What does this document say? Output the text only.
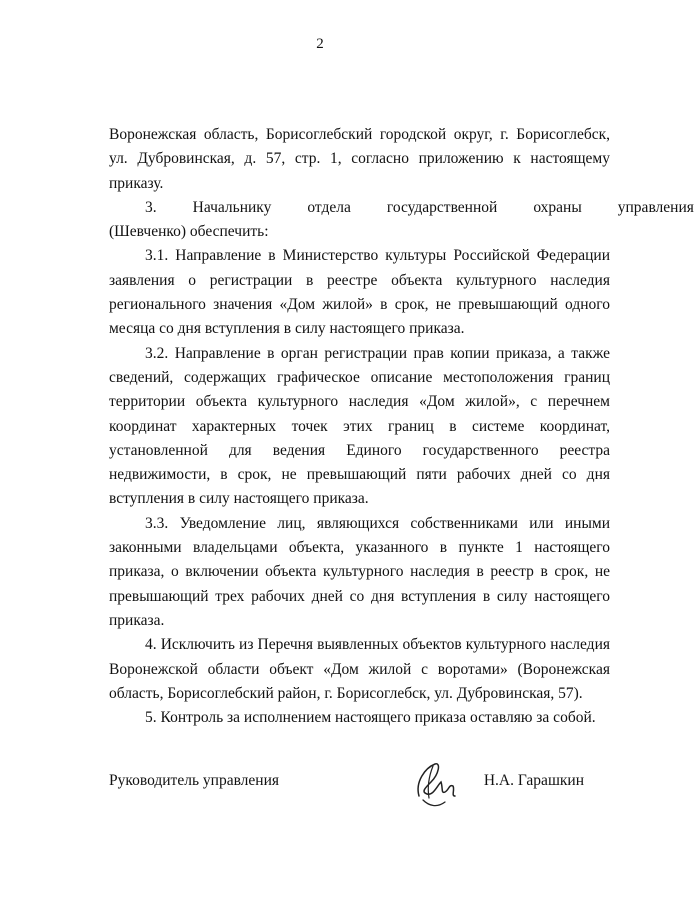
2

Воронежская область, Борисоглебский городской округ, г. Борисоглебск, ул. Дубровинская, д. 57, стр. 1, согласно приложению к настоящему приказу.

3.	Начальнику	отдела	государственной	охраны	управления

(Шевченко) обеспечить:

3.1. Направление в Министерство культуры Российской Федерации заявления о регистрации в реестре объекта культурного наследия регионального значения «Дом жилой» в срок, не превышающий одного месяца со дня вступления в силу настоящего приказа.

3.2. Направление в орган регистрации прав копии приказа, а также сведений, содержащих графическое описание местоположения границ территории объекта культурного наследия «Дом жилой», с перечнем координат характерных точек этих границ в системе координат, установленной для ведения Единого государственного реестра недвижимости, в срок, не превышающий пяти рабочих дней со дня вступления в силу настоящего приказа.

3.3. Уведомление лиц, являющихся собственниками или иными законными владельцами объекта, указанного в пункте 1 настоящего приказа, о включении объекта культурного наследия в реестр в срок, не превышающий трех рабочих дней со дня вступления в силу настоящего приказа.

4. Исключить из Перечня выявленных объектов культурного наследия Воронежской области объект «Дом жилой с воротами» (Воронежская область, Борисоглебский район, г. Борисоглебск, ул. Дубровинская, 57).

5. Контроль за исполнением настоящего приказа оставляю за собой.

Руководитель управления	Н.А. Гарашкин
